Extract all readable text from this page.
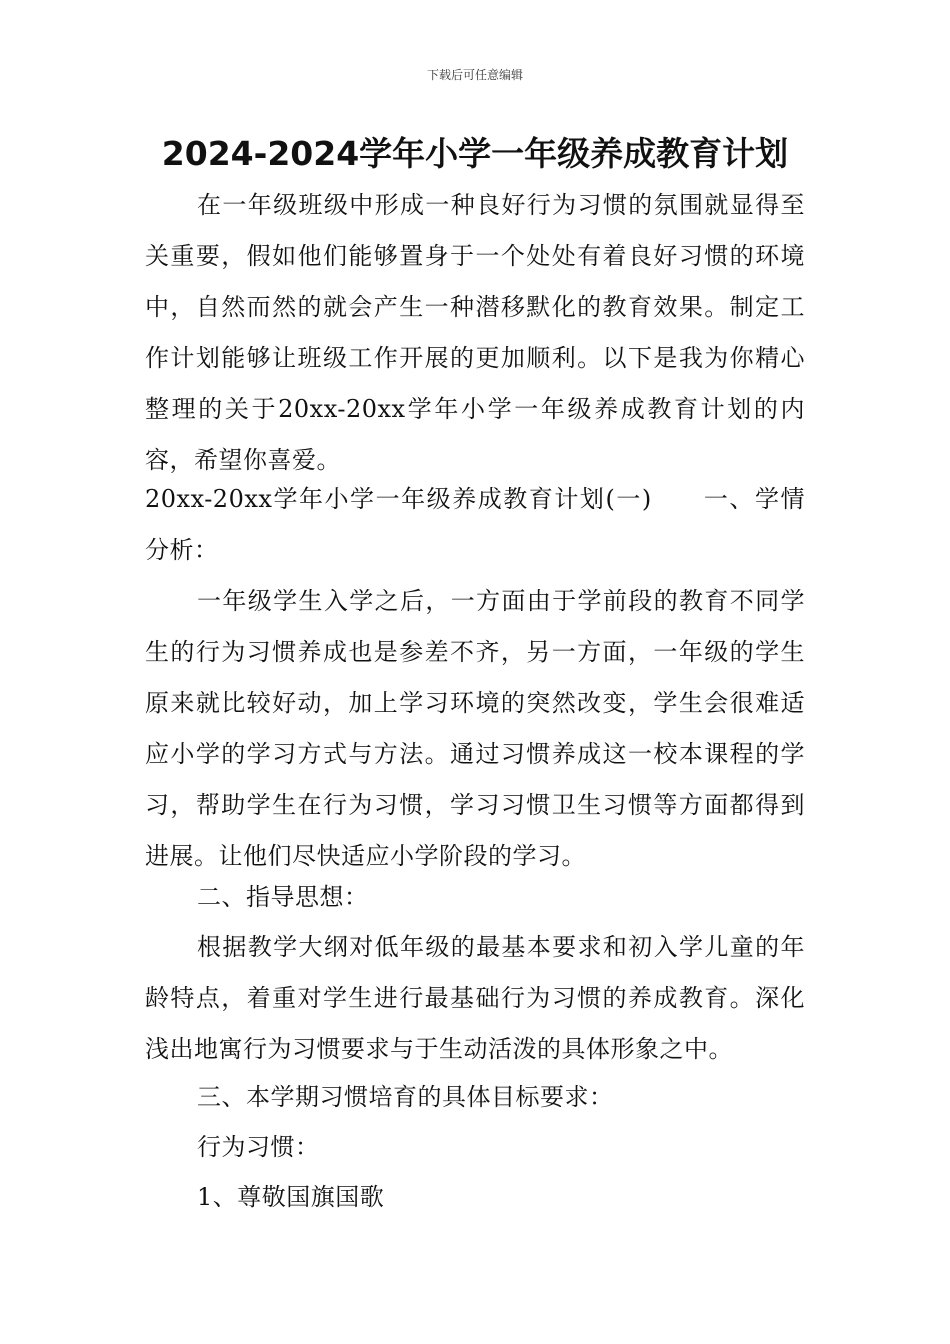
下载后可任意编辑
2024-2024学年小学一年级养成教育计划

在一年级班级中形成一种良好行为习惯的氛围就显得至关重要，假如他们能够置身于一个处处有着良好习惯的环境中，自然而然的就会产生一种潜移默化的教育效果。制定工作计划能够让班级工作开展的更加顺利。以下是我为你精心整理的关于20xx-20xx学年小学一年级养成教育计划的内容，希望你喜爱。

20xx-20xx学年小学一年级养成教育计划(一)　　一、学情分析：

一年级学生入学之后，一方面由于学前段的教育不同学生的行为习惯养成也是参差不齐，另一方面，一年级的学生原来就比较好动，加上学习环境的突然改变，学生会很难适应小学的学习方式与方法。通过习惯养成这一校本课程的学习，帮助学生在行为习惯，学习习惯卫生习惯等方面都得到进展。让他们尽快适应小学阶段的学习。

二、指导思想：

根据教学大纲对低年级的最基本要求和初入学儿童的年龄特点，着重对学生进行最基础行为习惯的养成教育。深化浅出地寓行为习惯要求与于生动活泼的具体形象之中。

三、本学期习惯培育的具体目标要求：

行为习惯：

1、尊敬国旗国歌
